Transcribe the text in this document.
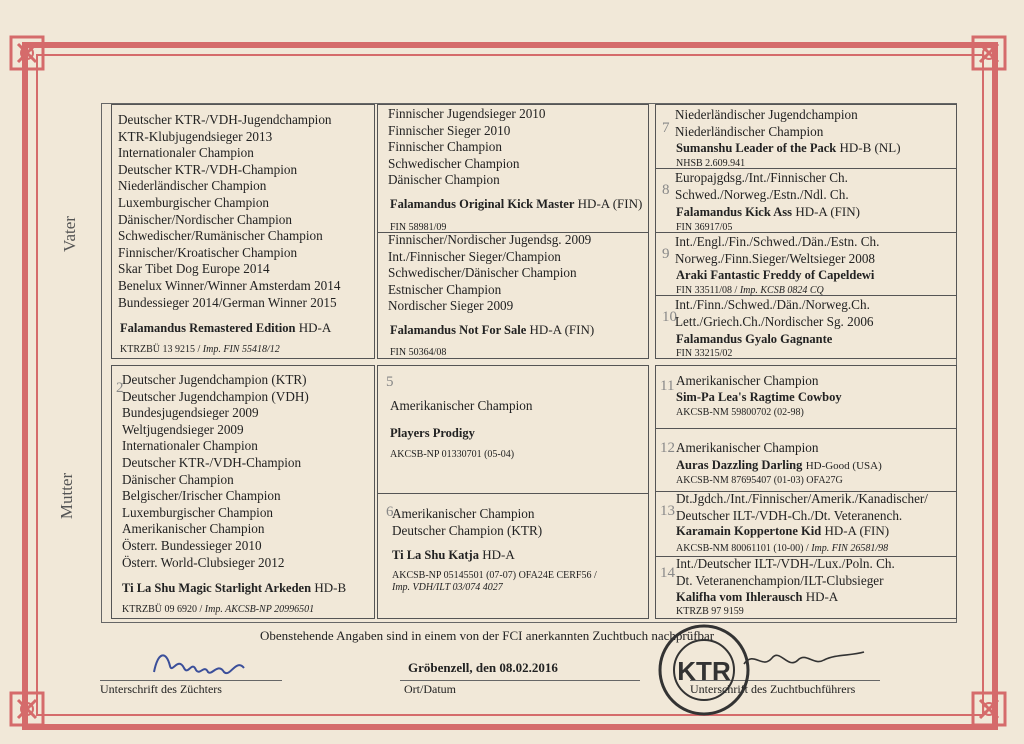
Vater
Mutter
Deutscher KTR-/VDH-Jugendchampion
KTR-Klubjugendsieger 2013
Internationaler Champion
Deutscher KTR-/VDH-Champion
Niederländischer Champion
Luxemburgischer Champion
Dänischer/Nordischer Champion
Schwedischer/Rumänischer Champion
Finnischer/Kroatischer Champion
Skar Tibet Dog Europe 2014
Benelux Winner/Winner Amsterdam 2014
Bundessieger 2014/German Winner 2015
Falamandus Remastered Edition HD-A
KTRZBÜ 13 9215 / Imp. FIN 55418/12
Finnischer Jugendsieger 2010
Finnischer Sieger 2010
Finnischer Champion
Schwedischer Champion
Dänischer Champion
Falamandus Original Kick Master HD-A (FIN)
FIN 58981/09
Finnischer/Nordischer Jugendsg. 2009
Int./Finnischer Sieger/Champion
Schwedischer/Dänischer Champion
Estnischer Champion
Nordischer Sieger 2009
Falamandus Not For Sale HD-A (FIN)
FIN 50364/08
7
Niederländischer Jugendchampion
Niederländischer Champion
Sumanshu Leader of the Pack HD-B (NL)
NHSB 2.609.941
8
Europajgdsg./Int./Finnischer Ch.
Schwed./Norweg./Estn./Ndl. Ch.
Falamandus Kick Ass HD-A (FIN)
FIN 36917/05
9
Int./Engl./Fin./Schwed./Dän./Estn. Ch.
Norweg./Finn.Sieger/Weltsieger 2008
Araki Fantastic Freddy of Capeldewi
FIN 33511/08 / Imp. KCSB 0824 CQ
10
Int./Finn./Schwed./Dän./Norweg.Ch.
Lett./Griech.Ch./Nordischer Sg. 2006
Falamandus Gyalo Gagnante
FIN 33215/02
2
Deutscher Jugendchampion (KTR)
Deutscher Jugendchampion (VDH)
Bundesjugendsieger 2009
Weltjugendsieger 2009
Internationaler Champion
Deutscher KTR-/VDH-Champion
Dänischer Champion
Belgischer/Irischer Champion
Luxemburgischer Champion
Amerikanischer Champion
Österr. Bundessieger 2010
Österr. World-Clubsieger 2012
Ti La Shu Magic Starlight Arkeden HD-B
KTRZBÜ 09 6920 / Imp. AKCSB-NP 20996501
5
Amerikanischer Champion
Players Prodigy
AKCSB-NP 01330701 (05-04)
6
Amerikanischer Champion
Deutscher Champion (KTR)
Ti La Shu Katja HD-A
AKCSB-NP 05145501 (07-07) OFA24E CERF56 /
Imp. VDH/ILT 03/074 4027
11 Amerikanischer Champion
Sim-Pa Lea's Ragtime Cowboy
AKCSB-NM 59800702 (02-98)
12 Amerikanischer Champion
Auras Dazzling Darling HD-Good (USA)
AKCSB-NM 87695407 (01-03) OFA27G
13
Dt.Jgdch./Int./Finnischer/Amerik./Kanadischer/
Deutscher ILT-/VDH-Ch./Dt. Veteranench.
Karamain Koppertone Kid HD-A (FIN)
AKCSB-NM 80061101 (10-00) / Imp. FIN 26581/98
14
Int./Deutscher ILT-/VDH-/Lux./Poln. Ch.
Dt. Veteranenchampion/ILT-Clubsieger
Kalifha vom Ihlerausch HD-A
KTRZB 97 9159
Obenstehende Angaben sind in einem von der FCI anerkannten Zuchtbuch nachprüfbar
Unterschrift des Züchters
Gröbenzell, den 08.02.2016
Ort/Datum	Unterschrift des Zuchtbuchführers
KTR
